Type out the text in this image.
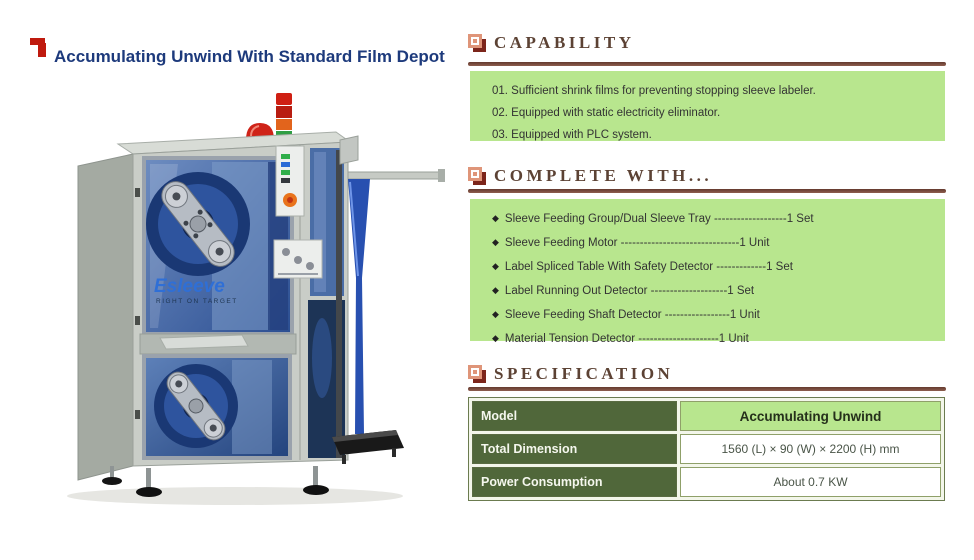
Accumulating Unwind With Standard Film Depot
Esleeve
RIGHT ON TARGET
CAPABILITY
01. Sufficient shrink films for preventing stopping sleeve labeler.
02. Equipped with static electricity eliminator.
03. Equipped with PLC system.
COMPLETE WITH...
◆ Sleeve Feeding Group/Dual Sleeve Tray -------------------1 Set
◆ Sleeve Feeding Motor -------------------------------1 Unit
◆ Label Spliced Table With Safety Detector -------------1 Set
◆ Label Running Out Detector --------------------1 Set
◆ Sleeve Feeding Shaft Detector -----------------1 Unit
◆ Material Tension Detector ---------------------1 Unit
SPECIFICATION
Model	Accumulating Unwind
Total Dimension	1560 (L) × 90 (W) × 2200 (H) mm
Power Consumption	About 0.7 KW
